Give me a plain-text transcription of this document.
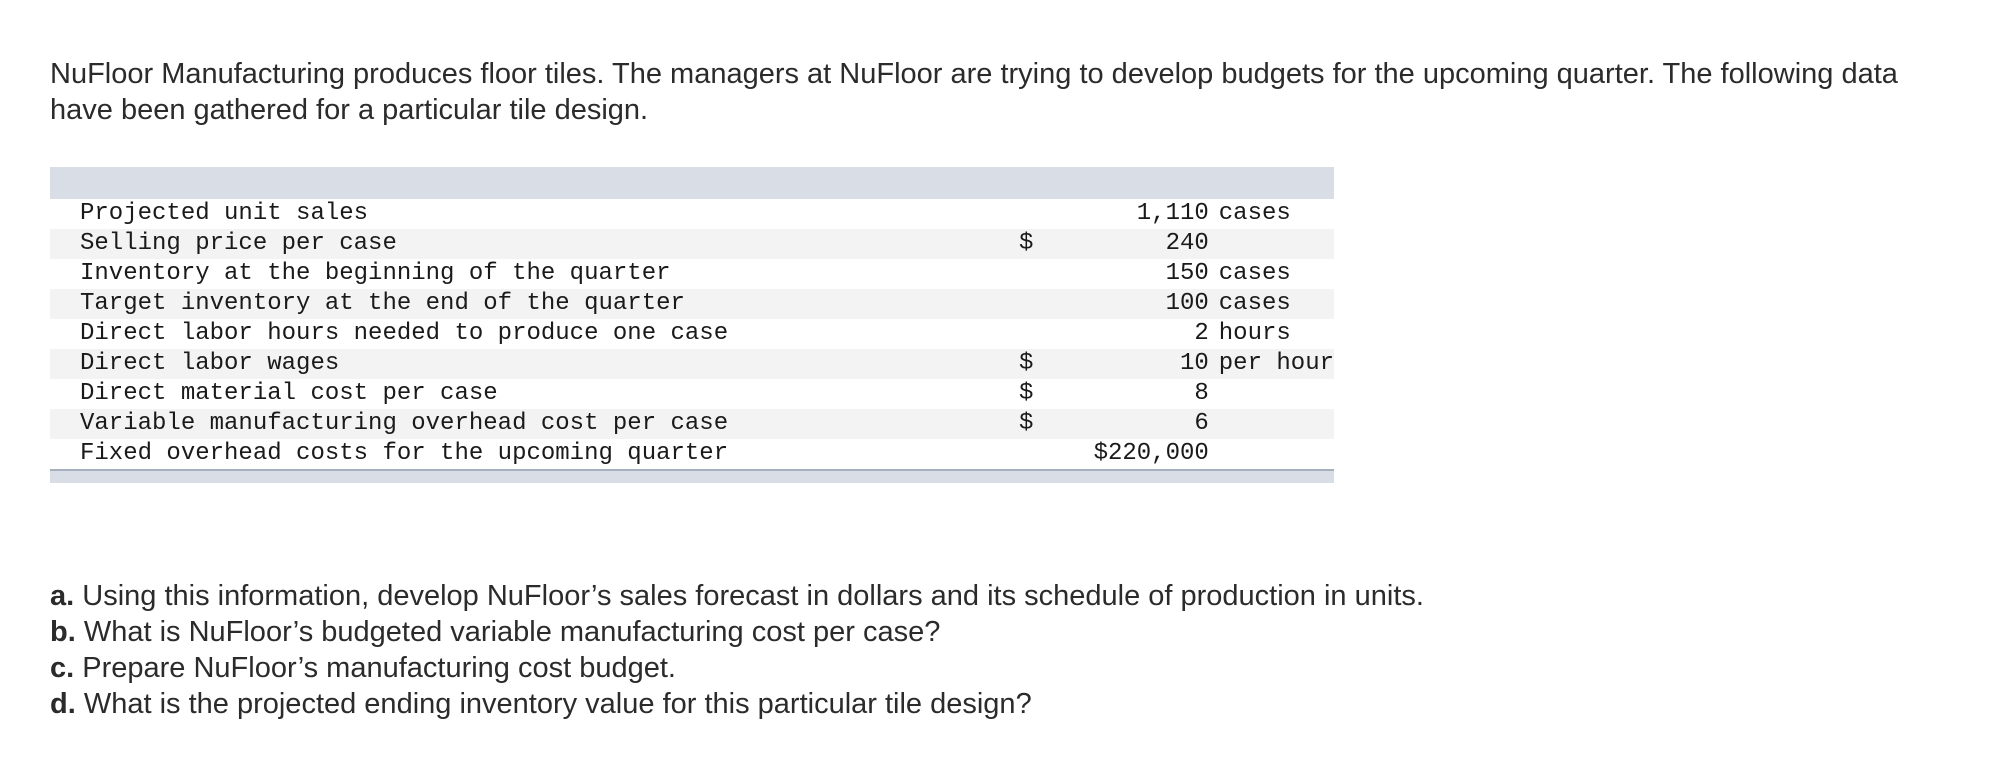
NuFloor Manufacturing produces floor tiles. The managers at NuFloor are trying to develop budgets for the upcoming quarter. The following data have been gathered for a particular tile design.

Projected unit sales		1,110	cases
Selling price per case	$	240	
Inventory at the beginning of the quarter		150	cases
Target inventory at the end of the quarter		100	cases
Direct labor hours needed to produce one case		2	hours
Direct labor wages	$	10	per hour
Direct material cost per case	$	8	
Variable manufacturing overhead cost per case	$	6	
Fixed overhead costs for the upcoming quarter		$220,000	

a. Using this information, develop NuFloor’s sales forecast in dollars and its schedule of production in units.
b. What is NuFloor’s budgeted variable manufacturing cost per case?
c. Prepare NuFloor’s manufacturing cost budget.
d. What is the projected ending inventory value for this particular tile design?
